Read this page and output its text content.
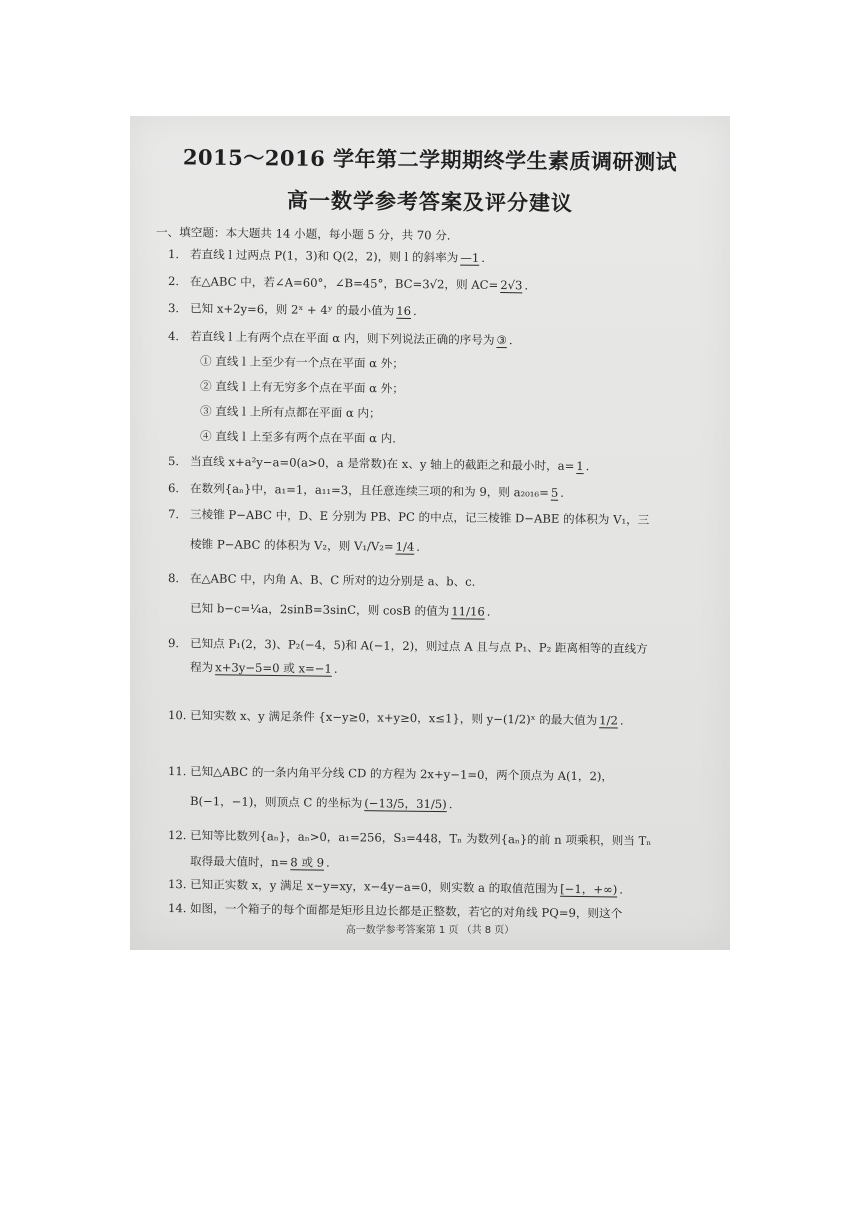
2015～2016 学年第二学期期终学生素质调研测试
高一数学参考答案及评分建议
一、填空题：本大题共 14 小题，每小题 5 分，共 70 分.
1. 若直线 l 过两点 P(1，3)和 Q(2，2)，则 l 的斜率为 —1 .
2. 在△ABC 中，若∠A=60°，∠B=45°，BC=3√2，则 AC= 2√3 .
3. 已知 x+2y=6，则 2ˣ + 4ʸ 的最小值为 16 .
4. 若直线 l 上有两个点在平面 α 内，则下列说法正确的序号为 ③ .
① 直线 l 上至少有一个点在平面 α 外；
② 直线 l 上有无穷多个点在平面 α 外；
③ 直线 l 上所有点都在平面 α 内；
④ 直线 l 上至多有两个点在平面 α 内.
5. 当直线 x+a²y−a=0(a>0，a 是常数)在 x、y 轴上的截距之和最小时，a= 1 .
6. 在数列{aₙ}中，a₁=1，a₁₁=3，且任意连续三项的和为 9，则 a₂₀₁₆= 5 .
7. 三棱锥 P−ABC 中，D、E 分别为 PB、PC 的中点，记三棱锥 D−ABE 的体积为 V₁，三
棱锥 P−ABC 的体积为 V₂，则 V₁/V₂= 1/4 .
8. 在△ABC 中，内角 A、B、C 所对的边分别是 a、b、c.
已知 b−c=¼a，2sinB=3sinC，则 cosB 的值为 11/16 .
9. 已知点 P₁(2，3)、P₂(−4，5)和 A(−1，2)，则过点 A 且与点 P₁、P₂ 距离相等的直线方
程为 x+3y−5=0 或 x=−1 .
10. 已知实数 x、y 满足条件 {x−y≥0，x+y≥0，x≤1}，则 y−(1/2)ˣ 的最大值为 1/2 .
11. 已知△ABC 的一条内角平分线 CD 的方程为 2x+y−1=0，两个顶点为 A(1，2)，
B(−1，−1)，则顶点 C 的坐标为 (−13/5，31/5) .
12. 已知等比数列{aₙ}，aₙ>0，a₁=256，S₃=448，Tₙ 为数列{aₙ}的前 n 项乘积，则当 Tₙ
取得最大值时，n= 8 或 9 .
13. 已知正实数 x，y 满足 x−y=xy，x−4y−a=0，则实数 a 的取值范围为 [−1，+∞) .
14. 如图，一个箱子的每个面都是矩形且边长都是正整数，若它的对角线 PQ=9，则这个
高一数学参考答案第 1 页 （共 8 页）
